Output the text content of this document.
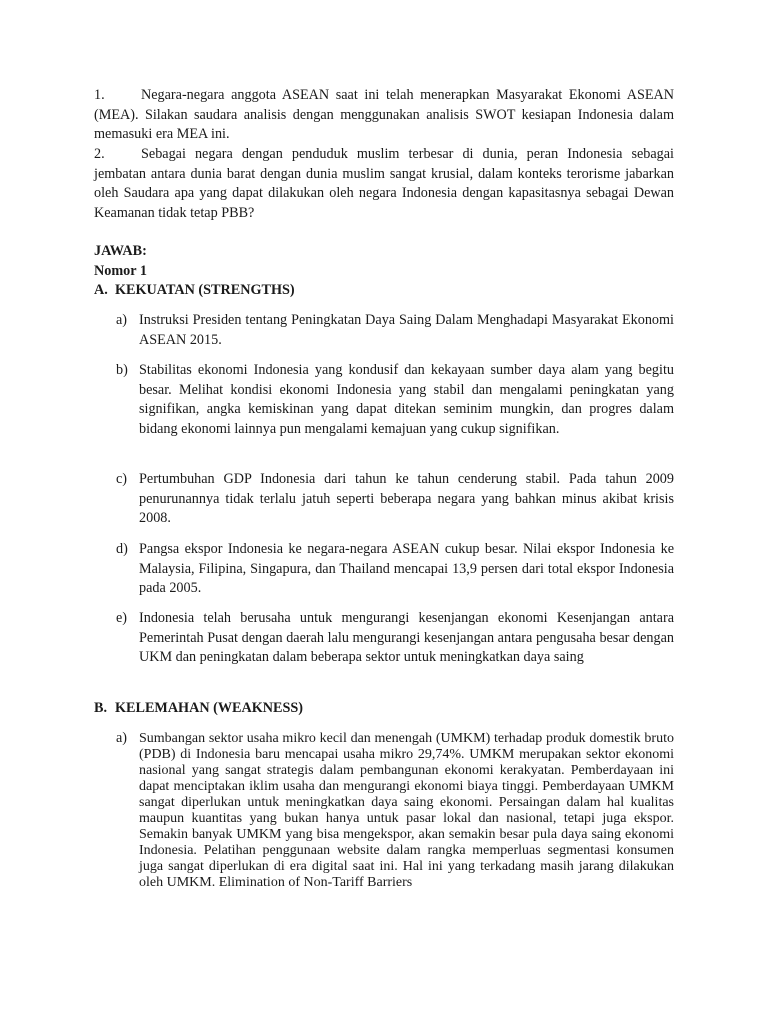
1.	Negara-negara anggota ASEAN saat ini telah menerapkan Masyarakat Ekonomi ASEAN (MEA). Silakan saudara analisis dengan menggunakan analisis SWOT kesiapan Indonesia dalam memasuki era MEA ini.

2.	Sebagai negara dengan penduduk muslim terbesar di dunia, peran Indonesia sebagai jembatan antara dunia barat dengan dunia muslim sangat krusial, dalam konteks terorisme jabarkan oleh Saudara apa yang dapat dilakukan oleh negara Indonesia dengan kapasitasnya sebagai Dewan Keamanan tidak tetap PBB?

JAWAB:

Nomor 1

A. KEKUATAN (STRENGTHS)

a) Instruksi Presiden tentang Peningkatan Daya Saing Dalam Menghadapi Masyarakat Ekonomi ASEAN 2015.

b) Stabilitas ekonomi Indonesia yang kondusif dan kekayaan sumber daya alam yang begitu besar. Melihat kondisi ekonomi Indonesia yang stabil dan mengalami peningkatan yang signifikan, angka kemiskinan yang dapat ditekan seminim mungkin, dan progres dalam bidang ekonomi lainnya pun mengalami kemajuan yang cukup signifikan.

c) Pertumbuhan GDP Indonesia dari tahun ke tahun cenderung stabil. Pada tahun 2009 penurunannya tidak terlalu jatuh seperti beberapa negara yang bahkan minus akibat krisis 2008.

d) Pangsa ekspor Indonesia ke negara-negara ASEAN cukup besar. Nilai ekspor Indonesia ke Malaysia, Filipina, Singapura, dan Thailand mencapai 13,9 persen dari total ekspor Indonesia pada 2005.

e) Indonesia telah berusaha untuk mengurangi kesenjangan ekonomi Kesenjangan antara Pemerintah Pusat dengan daerah lalu mengurangi kesenjangan antara pengusaha besar dengan UKM dan peningkatan dalam beberapa sektor untuk meningkatkan daya saing

B. KELEMAHAN (WEAKNESS)

a) Sumbangan sektor usaha mikro kecil dan menengah (UMKM) terhadap produk domestik bruto (PDB) di Indonesia baru mencapai usaha mikro 29,74%. UMKM merupakan sektor ekonomi nasional yang sangat strategis dalam pembangunan ekonomi kerakyatan. Pemberdayaan ini dapat menciptakan iklim usaha dan mengurangi ekonomi biaya tinggi. Pemberdayaan UMKM sangat diperlukan untuk meningkatkan daya saing ekonomi. Persaingan dalam hal kualitas maupun kuantitas yang bukan hanya untuk pasar lokal dan nasional, tetapi juga ekspor. Semakin banyak UMKM yang bisa mengekspor, akan semakin besar pula daya saing ekonomi Indonesia. Pelatihan penggunaan website dalam rangka memperluas segmentasi konsumen juga sangat diperlukan di era digital saat ini. Hal ini yang terkadang masih jarang dilakukan oleh UMKM. Elimination of Non-Tariff Barriers
